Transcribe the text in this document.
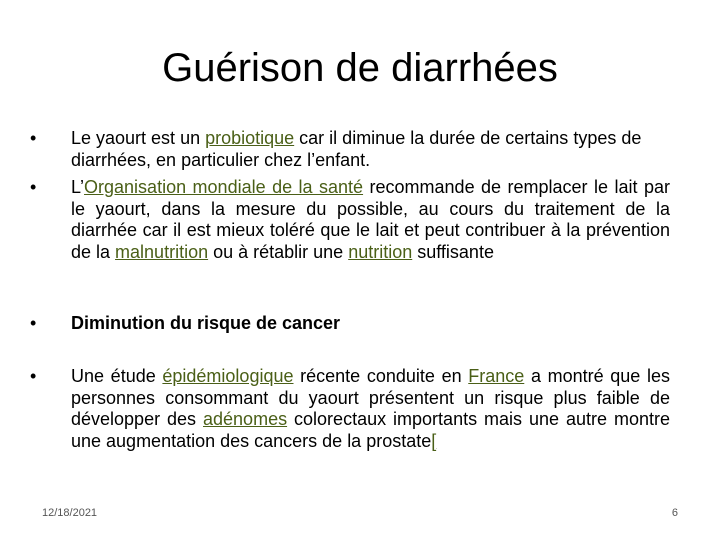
Guérison de diarrhées
•	Le yaourt est un probiotique car il diminue la durée de certains types de diarrhées, en particulier chez l’enfant.
•	L’Organisation mondiale de la santé recommande de remplacer le lait par le yaourt, dans la mesure du possible, au cours du traitement de la diarrhée car il est mieux toléré que le lait et peut contribuer à la prévention de la malnutrition ou à rétablir une nutrition suffisante
•	Diminution du risque de cancer
•	Une étude épidémiologique récente conduite en France a montré que les personnes consommant du yaourt présentent un risque plus faible de développer des adénomes colorectaux importants mais une autre montre une augmentation des cancers de la prostate[
12/18/2021	6
